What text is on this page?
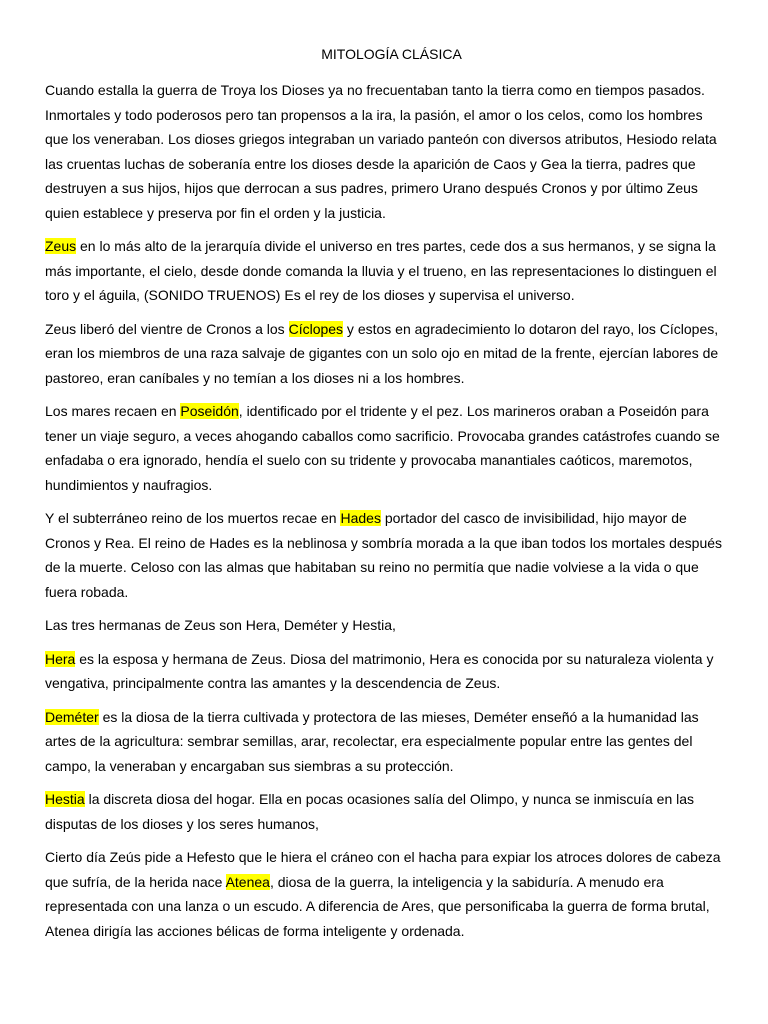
MITOLOGÍA CLÁSICA

Cuando estalla la guerra de Troya los Dioses ya no frecuentaban tanto la tierra como en tiempos pasados. Inmortales y todo poderosos pero tan propensos a la ira, la pasión, el amor o los celos, como los hombres que los veneraban. Los dioses griegos integraban un variado panteón con diversos atributos, Hesiodo relata las cruentas luchas de soberanía entre los dioses desde la aparición de Caos y Gea la tierra, padres que destruyen a sus hijos, hijos que derrocan a sus padres, primero Urano después Cronos y por último Zeus quien establece y preserva por fin el orden y la justicia.

Zeus en lo más alto de la jerarquía divide el universo en tres partes, cede dos a sus hermanos, y se signa la más importante, el cielo, desde donde comanda la lluvia y el trueno, en las representaciones lo distinguen el toro y el águila, (SONIDO TRUENOS) Es el rey de los dioses y supervisa el universo.

Zeus liberó del vientre de Cronos a los Cíclopes y estos en agradecimiento lo dotaron del rayo, los Cíclopes, eran los miembros de una raza salvaje de gigantes con un solo ojo en mitad de la frente, ejercían labores de pastoreo, eran caníbales y no temían a los dioses ni a los hombres.

Los mares recaen en Poseidón, identificado por el tridente y el pez. Los marineros oraban a Poseidón para tener un viaje seguro, a veces ahogando caballos como sacrificio. Provocaba grandes catástrofes cuando se enfadaba o era ignorado, hendía el suelo con su tridente y provocaba manantiales caóticos, maremotos, hundimientos y naufragios.

Y el subterráneo reino de los muertos recae en Hades portador del casco de invisibilidad, hijo mayor de Cronos y Rea. El reino de Hades es la neblinosa y sombría morada a la que iban todos los mortales después de la muerte. Celoso con las almas que habitaban su reino no permitía que nadie volviese a la vida o que fuera robada.

Las tres hermanas de Zeus son Hera, Deméter y Hestia,

Hera es la esposa y hermana de Zeus. Diosa del matrimonio, Hera es conocida por su naturaleza violenta y vengativa, principalmente contra las amantes y la descendencia de Zeus.

Deméter es la diosa de la tierra cultivada y protectora de las mieses, Deméter enseñó a la humanidad las artes de la agricultura: sembrar semillas, arar, recolectar, era especialmente popular entre las gentes del campo, la veneraban y encargaban sus siembras a su protección.

Hestia la discreta diosa del hogar. Ella en pocas ocasiones salía del Olimpo, y nunca se inmiscuía en las disputas de los dioses y los seres humanos,

Cierto día Zeús pide a Hefesto que le hiera el cráneo con el hacha para expiar los atroces dolores de cabeza que sufría, de la herida nace Atenea, diosa de la guerra, la inteligencia y la sabiduría. A menudo era representada con una lanza o un escudo. A diferencia de Ares, que personificaba la guerra de forma brutal, Atenea dirigía las acciones bélicas de forma inteligente y ordenada.
